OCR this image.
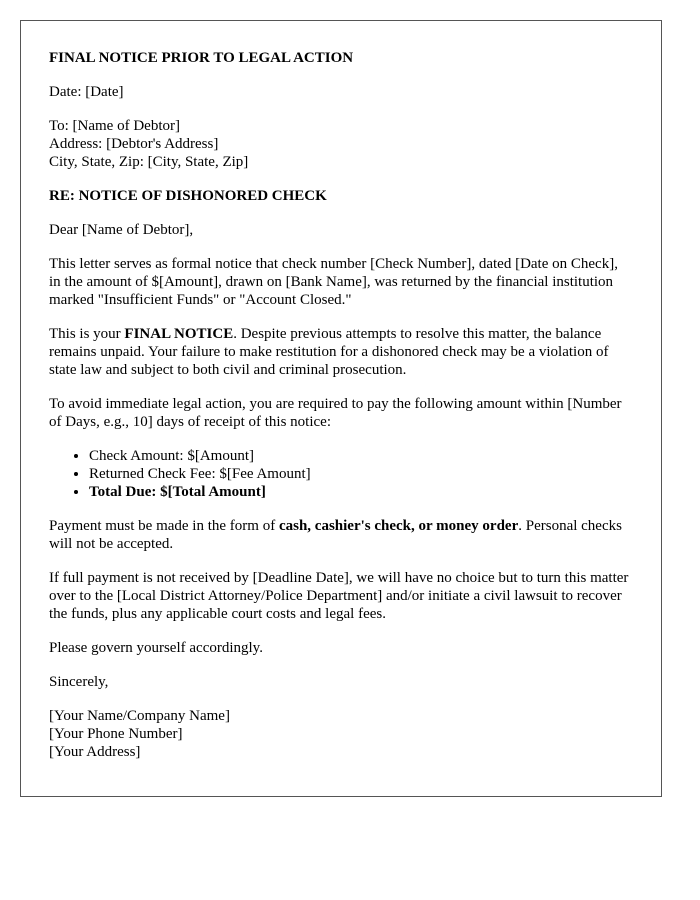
FINAL NOTICE PRIOR TO LEGAL ACTION

Date: [Date]

To: [Name of Debtor]
Address: [Debtor's Address]
City, State, Zip: [City, State, Zip]

RE: NOTICE OF DISHONORED CHECK

Dear [Name of Debtor],

This letter serves as formal notice that check number [Check Number], dated [Date on Check], in the amount of $[Amount], drawn on [Bank Name], was returned by the financial institution marked "Insufficient Funds" or "Account Closed."

This is your FINAL NOTICE. Despite previous attempts to resolve this matter, the balance remains unpaid. Your failure to make restitution for a dishonored check may be a violation of state law and subject to both civil and criminal prosecution.

To avoid immediate legal action, you are required to pay the following amount within [Number of Days, e.g., 10] days of receipt of this notice:

• Check Amount: $[Amount]
• Returned Check Fee: $[Fee Amount]
• Total Due: $[Total Amount]

Payment must be made in the form of cash, cashier's check, or money order. Personal checks will not be accepted.

If full payment is not received by [Deadline Date], we will have no choice but to turn this matter over to the [Local District Attorney/Police Department] and/or initiate a civil lawsuit to recover the funds, plus any applicable court costs and legal fees.

Please govern yourself accordingly.

Sincerely,

[Your Name/Company Name]
[Your Phone Number]
[Your Address]
